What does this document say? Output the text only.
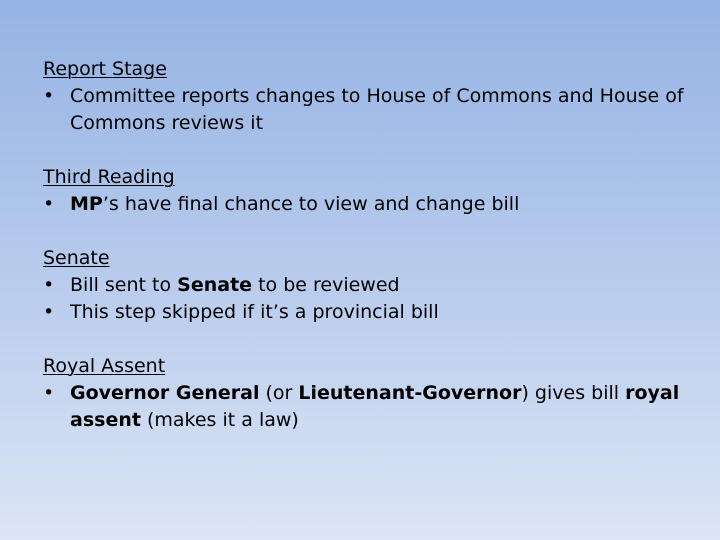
Report Stage
• Committee reports changes to House of Commons and House of Commons reviews it
Third Reading
• MP’s have final chance to view and change bill
Senate
• Bill sent to Senate to be reviewed
• This step skipped if it’s a provincial bill
Royal Assent
• Governor General (or Lieutenant-Governor) gives bill royal assent (makes it a law)
